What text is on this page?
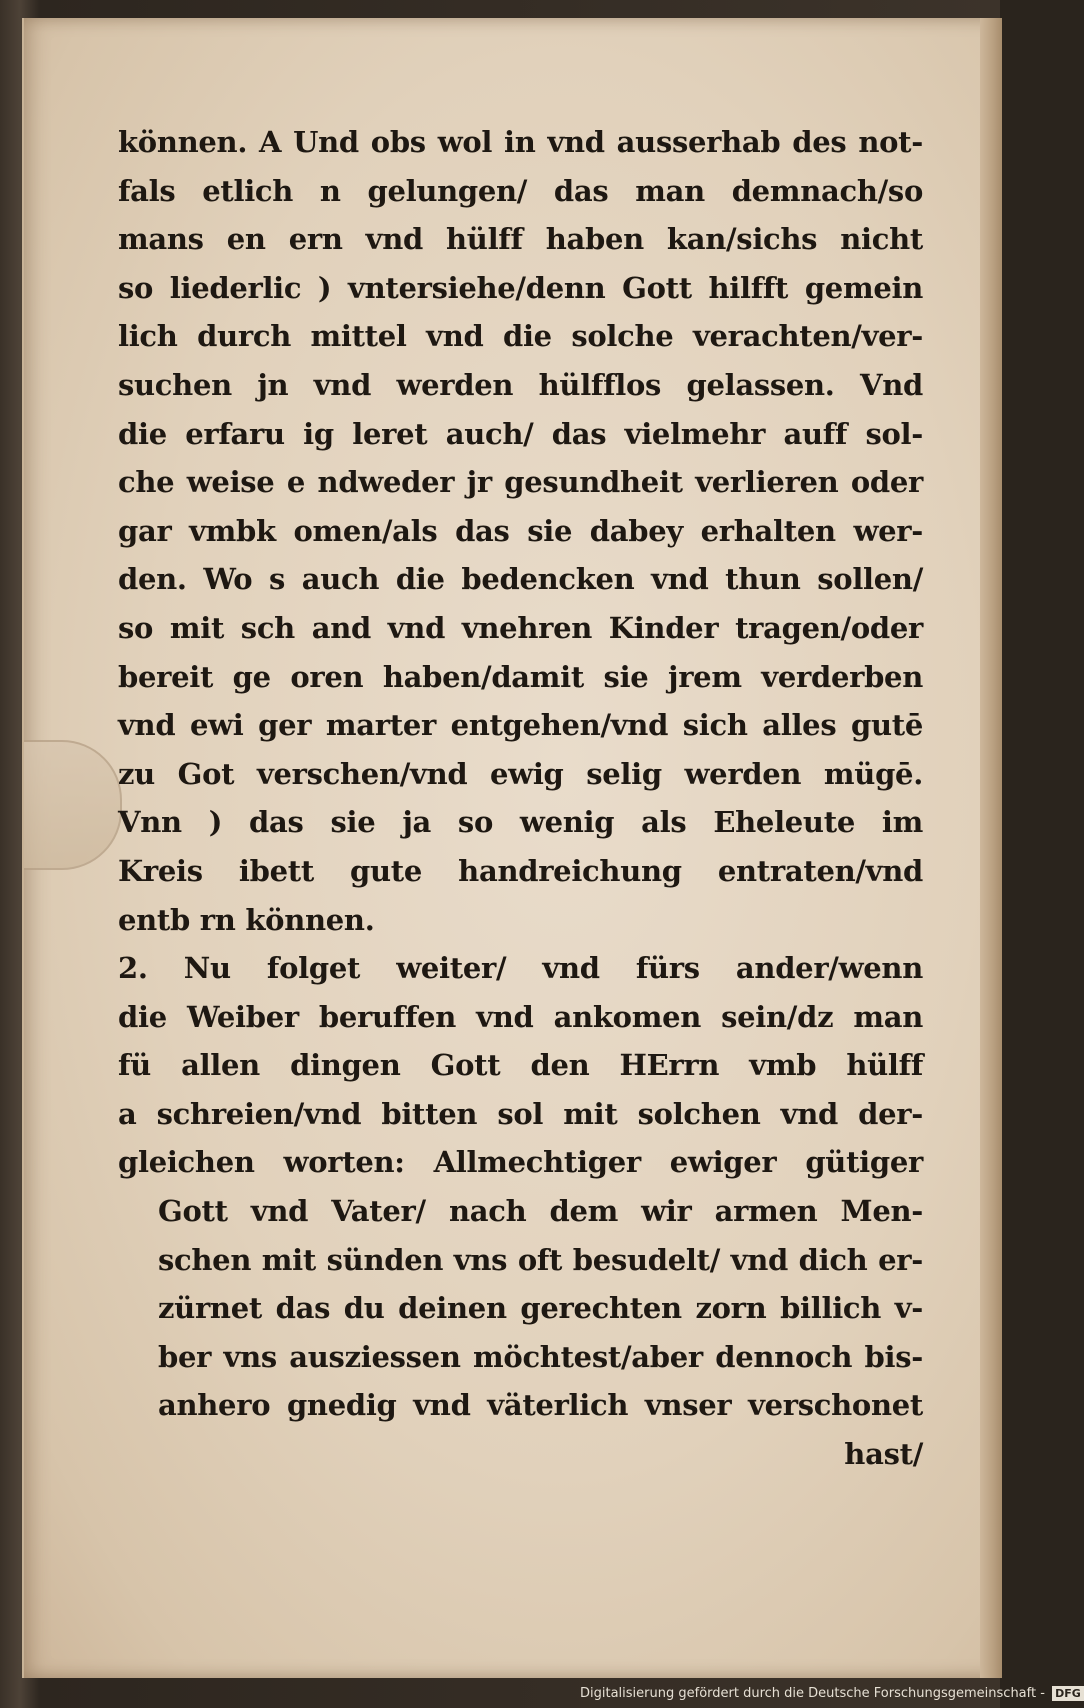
können. A Und obs wol in vnd ausserhab des not-
fals etlich n gelungen/ das man demnach/so
mans en ern vnd hülff haben kan/sichs nicht
so liederlic ) vntersiehe/denn Gott hilfft gemein
lich durch mittel vnd die solche verachten/ver-
suchen jn vnd werden hülfflos gelassen. Vnd
die erfaru ig leret auch/ das vielmehr auff sol-
che weise e ndweder jr gesundheit verlieren oder
gar vmbk omen/als das sie dabey erhalten wer-
den. Wo s auch die bedencken vnd thun sollen/
so mit sch and vnd vnehren Kinder tragen/oder
bereit ge oren haben/damit sie jrem verderben
vnd ewi ger marter entgehen/vnd sich alles gutē
zu Got verschen/vnd ewig selig werden mügē.
Vnn ) das sie ja so wenig als Eheleute im
Kreis ibett gute handreichung entraten/vnd
entb rn können.
2. Nu folget weiter/ vnd fürs ander/wenn
die Weiber beruffen vnd ankomen sein/dz man
fü allen dingen Gott den HErrn vmb hülff
a schreien/vnd bitten sol mit solchen vnd der-
gleichen worten: Allmechtiger ewiger gütiger
Gott vnd Vater/ nach dem wir armen Men-
schen mit sünden vns oft besudelt/ vnd dich er-
zürnet das du deinen gerechten zorn billich v-
ber vns ausziessen möchtest/aber dennoch bis-
anhero gnedig vnd väterlich vnser verschonet
hast/
Digitalisierung gefördert durch die Deutsche Forschungsgemeinschaft - DFG
